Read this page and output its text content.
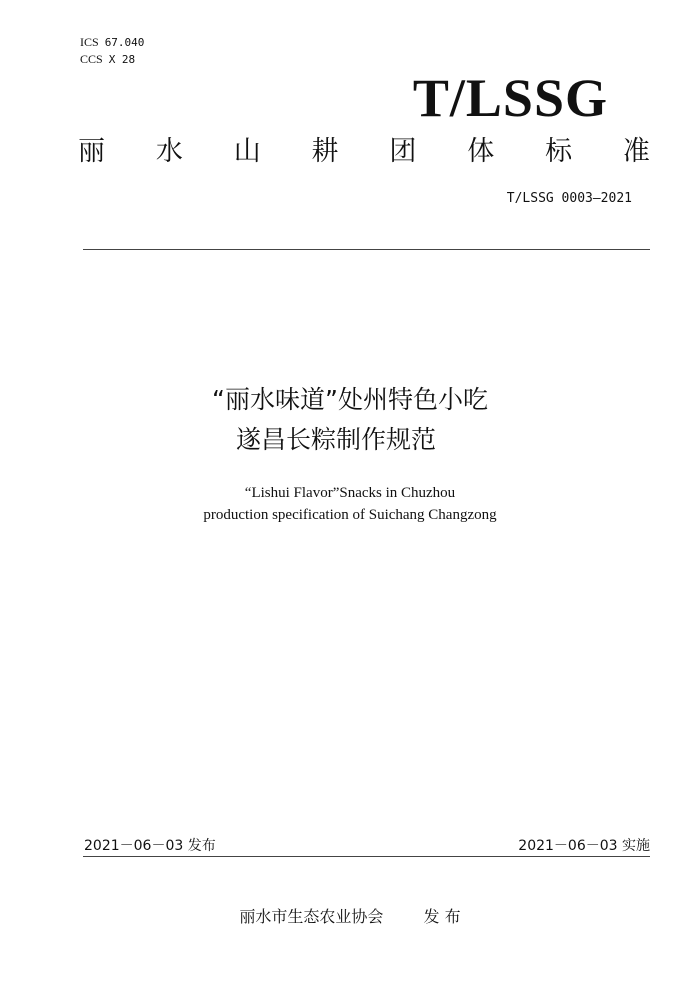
ICS 67.040
CCS X 28
T/LSSG
丽 水 山 耕 团 体 标 准
T/LSSG 0003—2021
“丽水味道”处州特色小吃
遂昌长粽制作规范
“Lishui Flavor”Snacks in Chuzhou
production specification of Suichang Changzong
2021－06－03 发布	2021－06－03 实施
丽水市生态农业协会	发 布
